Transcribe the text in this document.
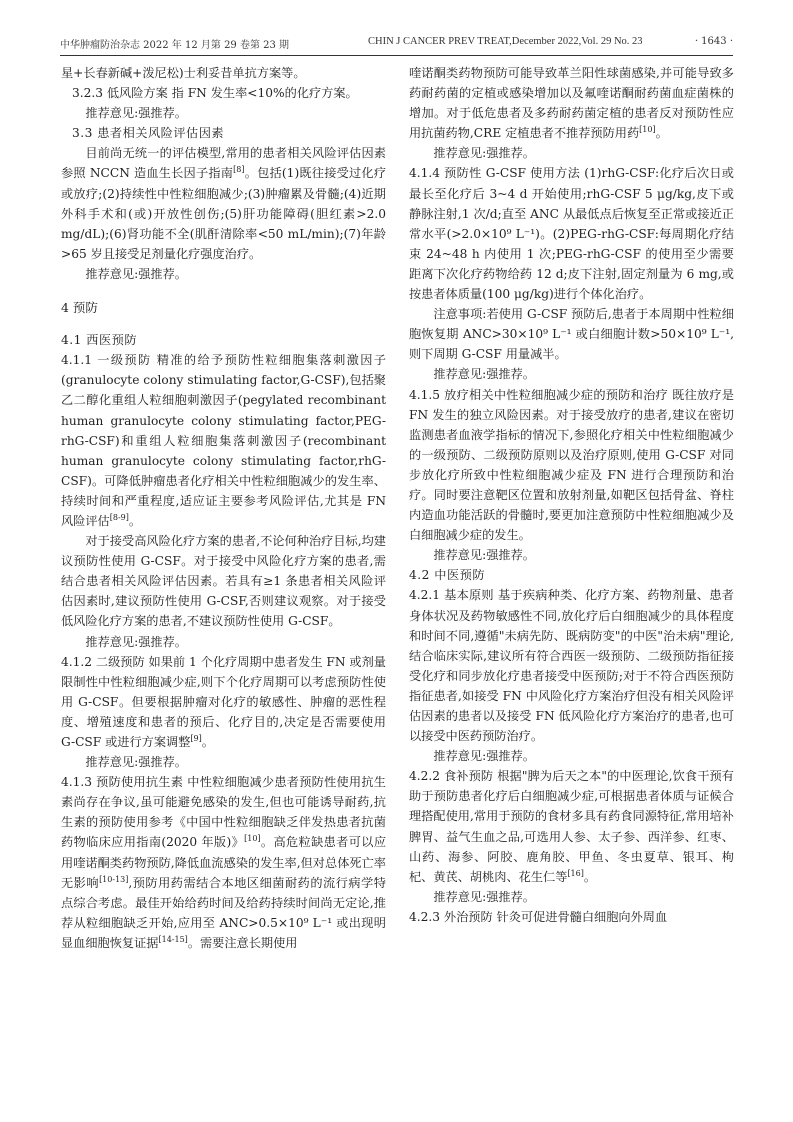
中华肿瘤防治杂志 2022 年 12 月第 29 卷第 23 期	CHIN J CANCER PREV TREAT,December 2022,Vol. 29 No. 23	· 1643 ·

星+长春新碱+泼尼松)士利妥昔单抗方案等。

3.2.3 低风险方案 指 FN 发生率<10%的化疗方案。

推荐意见:强推荐。

3.3 患者相关风险评估因素

目前尚无统一的评估模型,常用的患者相关风险评估因素参照 NCCN 造血生长因子指南[8]。包括(1)既往接受过化疗或放疗;(2)持续性中性粒细胞减少;(3)肿瘤累及骨髓;(4)近期外科手术和(或)开放性创伤;(5)肝功能障碍(胆红素>2.0 mg/dL);(6)肾功能不全(肌酐清除率<50 mL/min);(7)年龄>65 岁且接受足剂量化疗强度治疗。

推荐意见:强推荐。

4 预防
4.1 西医预防

4.1.1 一级预防 精准的给予预防性粒细胞集落刺激因子(granulocyte colony stimulating factor,G-CSF),包括聚乙二醇化重组人粒细胞刺激因子(pegylated recombinant human granulocyte colony stimulating factor,PEG-rhG-CSF)和重组人粒细胞集落刺激因子(recombinant human granulocyte colony stimulating factor,rhG-CSF)。可降低肿瘤患者化疗相关中性粒细胞减少的发生率、持续时间和严重程度,适应证主要参考风险评估,尤其是 FN 风险评估[8-9]。

对于接受高风险化疗方案的患者,不论何种治疗目标,均建议预防性使用 G-CSF。对于接受中风险化疗方案的患者,需结合患者相关风险评估因素。若具有≥1 条患者相关风险评估因素时,建议预防性使用 G-CSF,否则建议观察。对于接受低风险化疗方案的患者,不建议预防性使用 G-CSF。

推荐意见:强推荐。

4.1.2 二级预防 如果前 1 个化疗周期中患者发生 FN 或剂量限制性中性粒细胞减少症,则下个化疗周期可以考虑预防性使用 G-CSF。但要根据肿瘤对化疗的敏感性、肿瘤的恶性程度、增殖速度和患者的预后、化疗目的,决定是否需要使用 G-CSF 或进行方案调整[9]。

推荐意见:强推荐。

4.1.3 预防使用抗生素 中性粒细胞减少患者预防性使用抗生素尚存在争议,虽可能避免感染的发生,但也可能诱导耐药,抗生素的预防使用参考《中国中性粒细胞缺乏伴发热患者抗菌药物临床应用指南(2020 年版)》[10]。高危粒缺患者可以应用喹诺酮类药物预防,降低血流感染的发生率,但对总体死亡率无影响[10-13],预防用药需结合本地区细菌耐药的流行病学特点综合考虑。最佳开始给药时间及给药持续时间尚无定论,推荐从粒细胞缺乏开始,应用至 ANC>0.5×10⁹ L⁻¹ 或出现明显血细胞恢复证据[14-15]。需要注意长期使用

喹诺酮类药物预防可能导致革兰阳性球菌感染,并可能导致多药耐药菌的定植或感染增加以及氟喹诺酮耐药菌血症菌株的增加。对于低危患者及多药耐药菌定植的患者反对预防性应用抗菌药物,CRE 定植患者不推荐预防用药[10]。

推荐意见:强推荐。

4.1.4 预防性 G-CSF 使用方法 (1)rhG-CSF:化疗后次日或最长至化疗后 3~4 d 开始使用;rhG-CSF 5 μg/kg,皮下或静脉注射,1 次/d;直至 ANC 从最低点后恢复至正常或接近正常水平(>2.0×10⁹ L⁻¹)。(2)PEG-rhG-CSF:每周期化疗结束 24~48 h 内使用 1 次;PEG-rhG-CSF 的使用至少需要距离下次化疗药物给药 12 d;皮下注射,固定剂量为 6 mg,或按患者体质量(100 μg/kg)进行个体化治疗。

注意事项:若使用 G-CSF 预防后,患者于本周期中性粒细胞恢复期 ANC>30×10⁹ L⁻¹ 或白细胞计数>50×10⁹ L⁻¹,则下周期 G-CSF 用量减半。

推荐意见:强推荐。

4.1.5 放疗相关中性粒细胞减少症的预防和治疗 既往放疗是 FN 发生的独立风险因素。对于接受放疗的患者,建议在密切监测患者血液学指标的情况下,参照化疗相关中性粒细胞减少的一级预防、二级预防原则以及治疗原则,使用 G-CSF 对同步放化疗所致中性粒细胞减少症及 FN 进行合理预防和治疗。同时要注意靶区位置和放射剂量,如靶区包括骨盆、脊柱内造血功能活跃的骨髓时,要更加注意预防中性粒细胞减少及白细胞减少症的发生。

推荐意见:强推荐。

4.2 中医预防

4.2.1 基本原则 基于疾病种类、化疗方案、药物剂量、患者身体状况及药物敏感性不同,放化疗后白细胞减少的具体程度和时间不同,遵循"未病先防、既病防变"的中医"治未病"理论,结合临床实际,建议所有符合西医一级预防、二级预防指征接受化疗和同步放化疗患者接受中医预防;对于不符合西医预防指征患者,如接受 FN 中风险化疗方案治疗但没有相关风险评估因素的患者以及接受 FN 低风险化疗方案治疗的患者,也可以接受中医药预防治疗。

推荐意见:强推荐。

4.2.2 食补预防 根据"脾为后天之本"的中医理论,饮食干预有助于预防患者化疗后白细胞减少症,可根据患者体质与证候合理搭配使用,常用于预防的食材多具有药食同源特征,常用培补脾胃、益气生血之品,可选用人参、太子参、西洋参、红枣、山药、海参、阿胶、鹿角胶、甲鱼、冬虫夏草、银耳、枸杞、黄芪、胡桃肉、花生仁等[16]。

推荐意见:强推荐。

4.2.3 外治预防 针灸可促进骨髓白细胞向外周血
